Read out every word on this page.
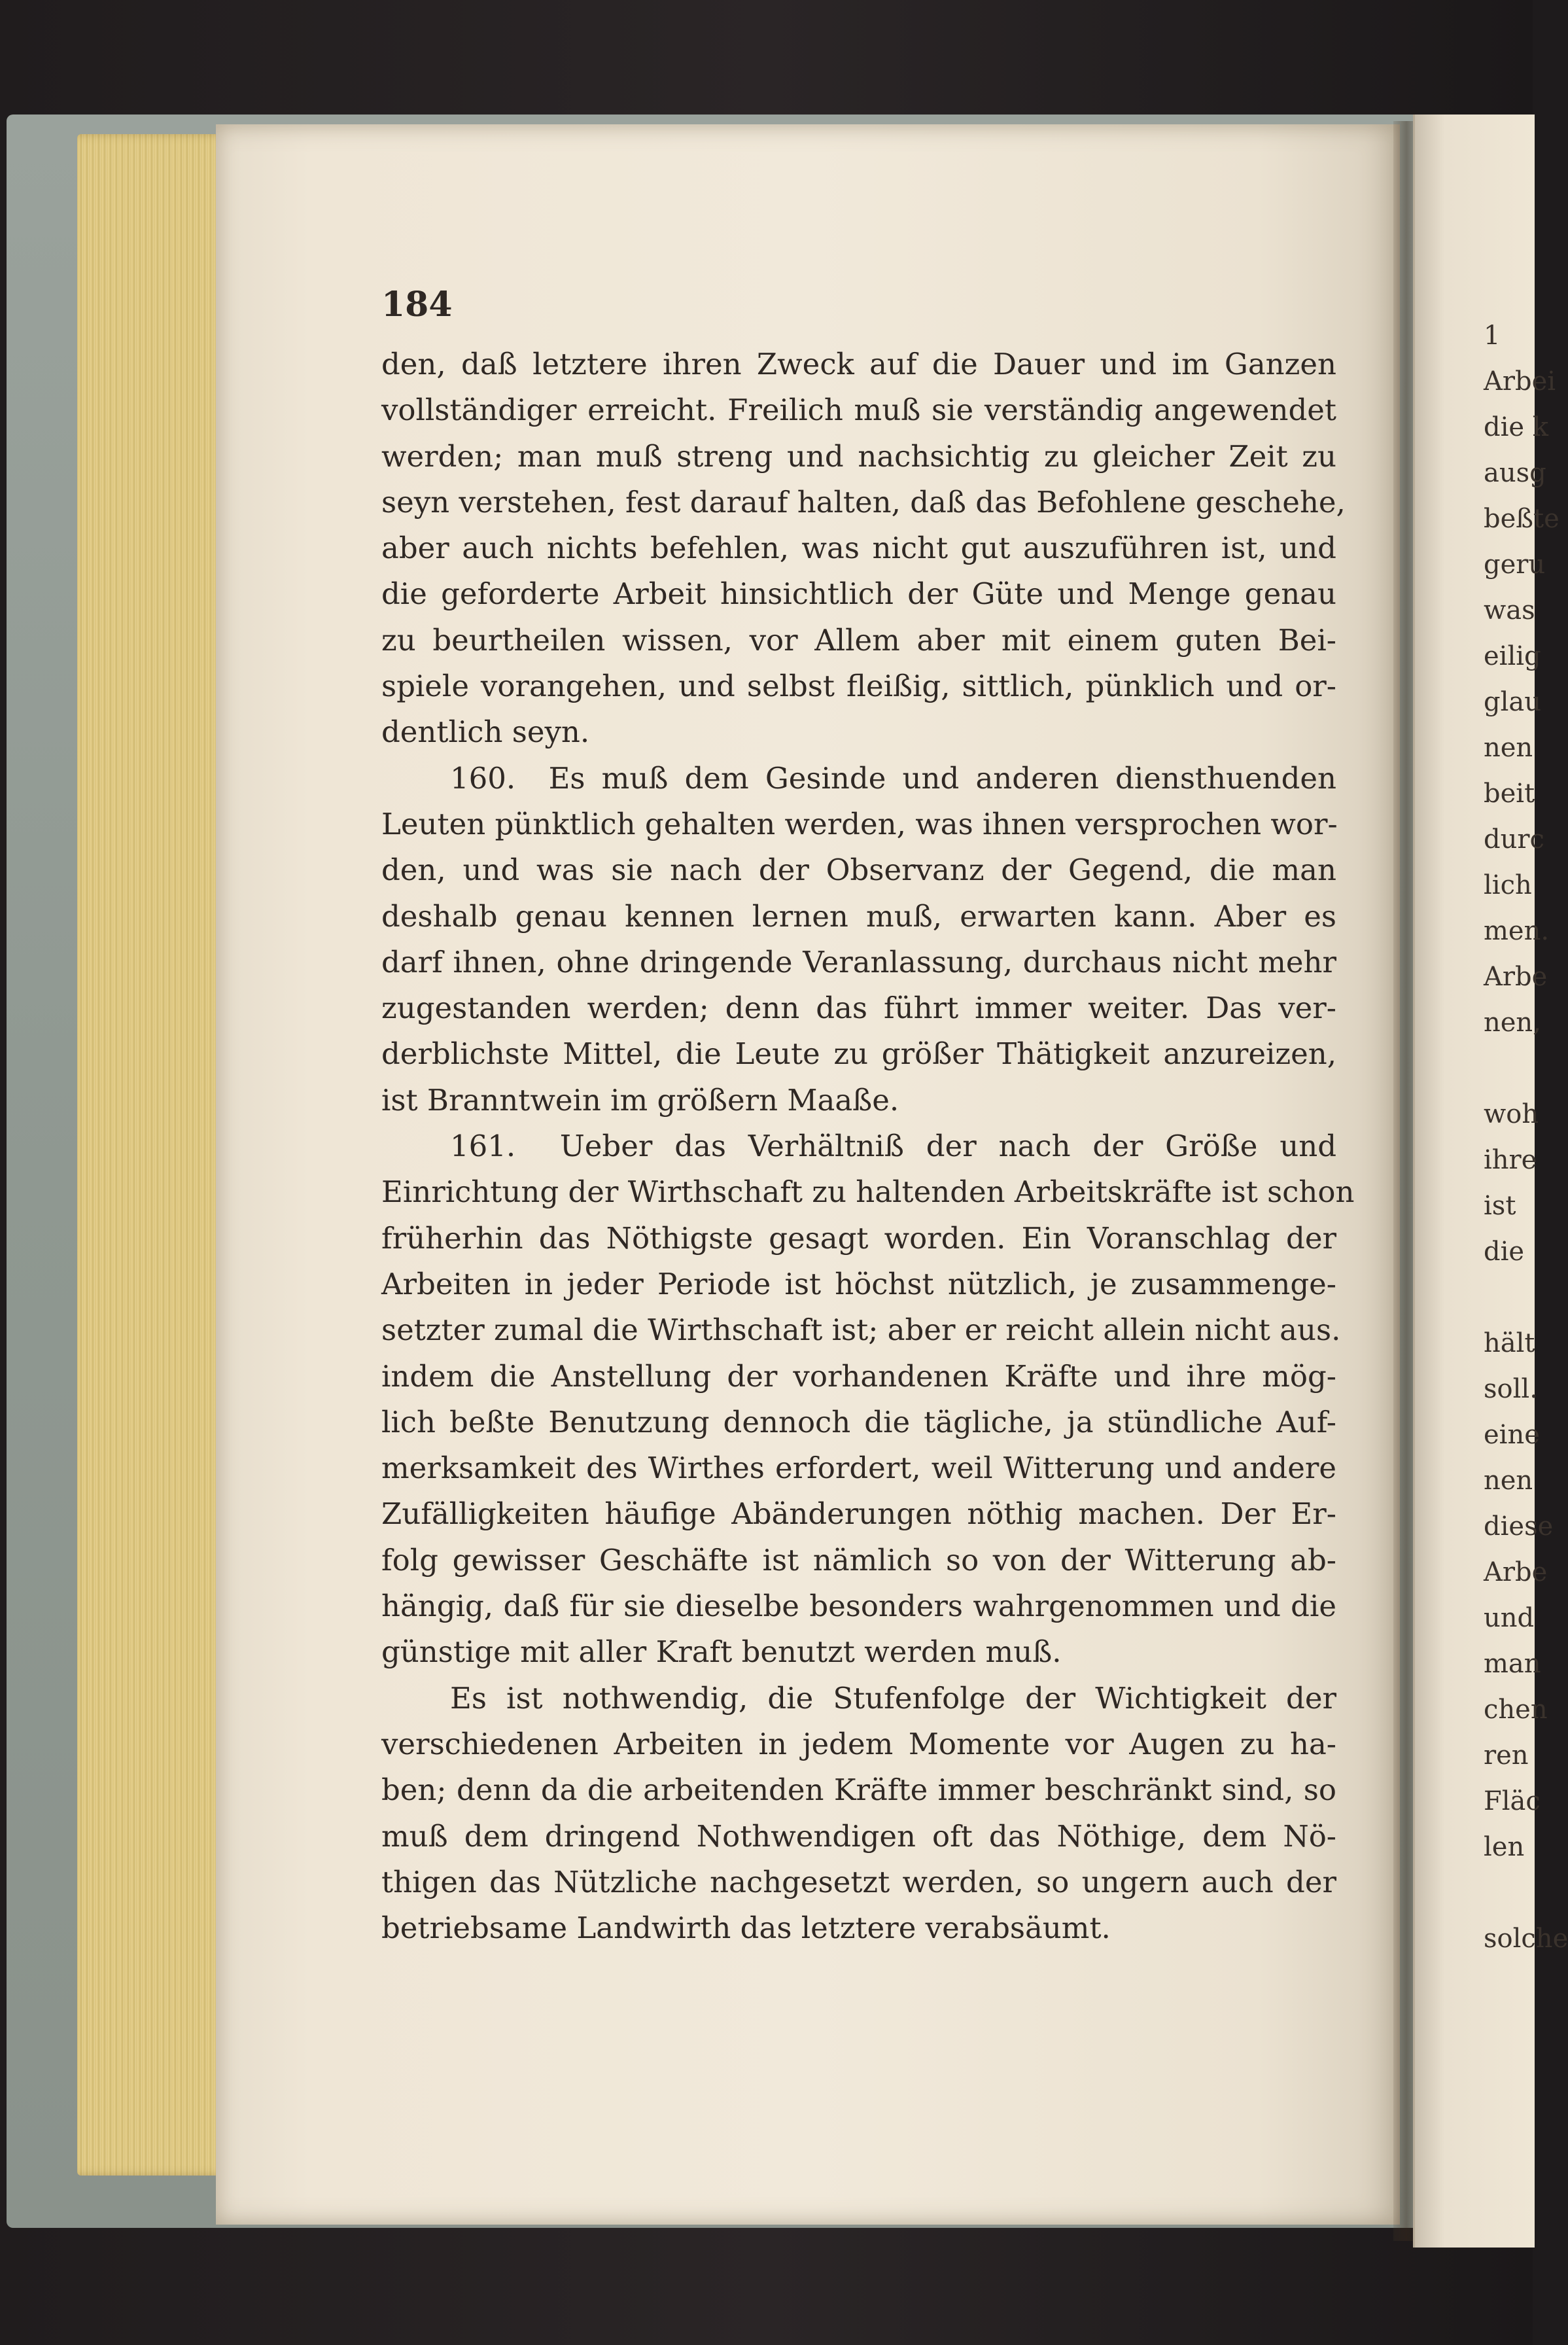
184
den, daß letztere ihren Zweck auf die Dauer und im Ganzen
vollständiger erreicht. Freilich muß sie verständig angewendet
werden; man muß streng und nachsichtig zu gleicher Zeit zu
seyn verstehen, fest darauf halten, daß das Befohlene geschehe,
aber auch nichts befehlen, was nicht gut auszuführen ist, und
die geforderte Arbeit hinsichtlich der Güte und Menge genau
zu beurtheilen wissen, vor Allem aber mit einem guten Bei-
spiele vorangehen, und selbst fleißig, sittlich, pünklich und or-
dentlich seyn.
160. Es muß dem Gesinde und anderen diensthuenden
Leuten pünktlich gehalten werden, was ihnen versprochen wor-
den, und was sie nach der Observanz der Gegend, die man
deshalb genau kennen lernen muß, erwarten kann. Aber es
darf ihnen, ohne dringende Veranlassung, durchaus nicht mehr
zugestanden werden; denn das führt immer weiter. Das ver-
derblichste Mittel, die Leute zu größer Thätigkeit anzureizen,
ist Branntwein im größern Maaße.
161. Ueber das Verhältniß der nach der Größe und
Einrichtung der Wirthschaft zu haltenden Arbeitskräfte ist schon
früherhin das Nöthigste gesagt worden. Ein Voranschlag der
Arbeiten in jeder Periode ist höchst nützlich, je zusammenge-
setzter zumal die Wirthschaft ist; aber er reicht allein nicht aus.
indem die Anstellung der vorhandenen Kräfte und ihre mög-
lich beßte Benutzung dennoch die tägliche, ja stündliche Auf-
merksamkeit des Wirthes erfordert, weil Witterung und andere
Zufälligkeiten häufige Abänderungen nöthig machen. Der Er-
folg gewisser Geschäfte ist nämlich so von der Witterung ab-
hängig, daß für sie dieselbe besonders wahrgenommen und die
günstige mit aller Kraft benutzt werden muß.
Es ist nothwendig, die Stufenfolge der Wichtigkeit der
verschiedenen Arbeiten in jedem Momente vor Augen zu ha-
ben; denn da die arbeitenden Kräfte immer beschränkt sind, so
muß dem dringend Nothwendigen oft das Nöthige, dem Nö-
thigen das Nützliche nachgesetzt werden, so ungern auch der
betriebsame Landwirth das letztere verabsäumt.
1
Arbei
die k
ausg
beßte
geru
was
eilig
glau
nen
beit
durc
lich
men.
Arbe
nen,
woh
ihre
ist
die
hält
soll.
eine
nen
diese
Arbe
und
man
chen
ren
Fläc
len
solche
